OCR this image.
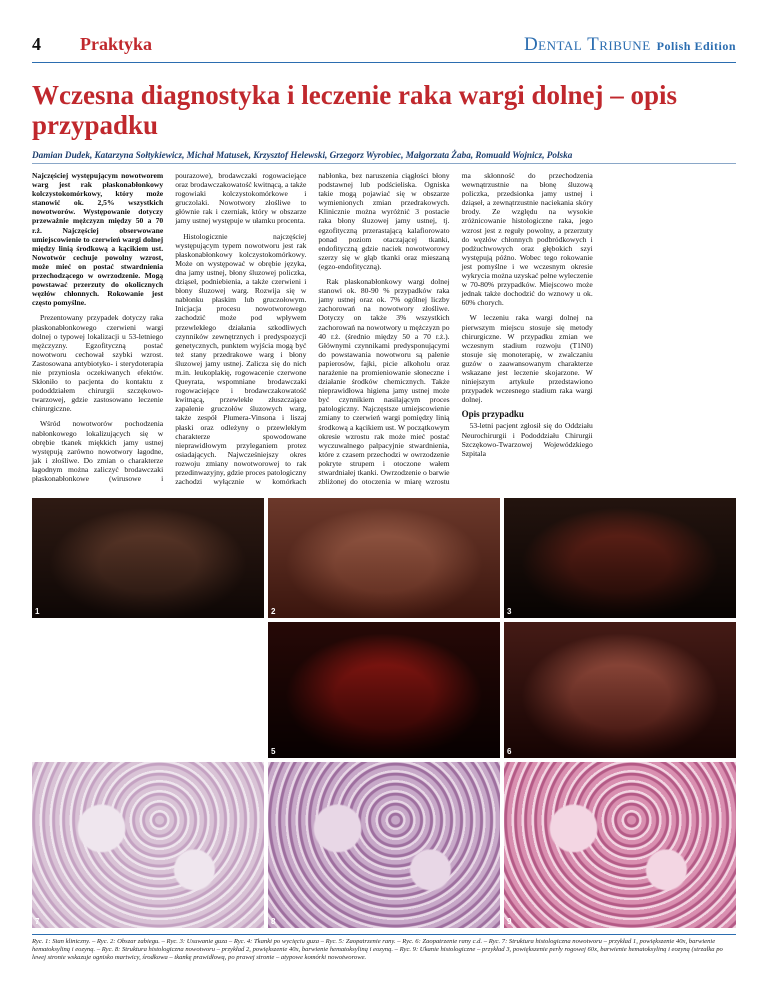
4 Praktyka	Dental Tribune Polish Edition
Wczesna diagnostyka i leczenie raka wargi dolnej – opis przypadku
Damian Dudek, Katarzyna Sołtykiewicz, Michał Matusek, Krzysztof Helewski, Grzegorz Wyrobiec, Małgorzata Żaba, Romuald Wojnicz, Polska

Najczęściej występującym nowotworem warg jest rak płaskonabłonkowy kolczystokomórkowy, który może stanowić ok. 2,5% wszystkich nowotworów. Występowanie dotyczy przeważnie mężczyzn między 50 a 70 r.ż. Najczęściej obserwowane umiejscowienie to czerwień wargi dolnej między linią środkową a kącikiem ust. Nowotwór cechuje powolny wzrost, może mieć on postać stwardnienia przechodzącego w owrzodzenie. Mogą powstawać przerzuty do okolicznych węzłów chłonnych. Rokowanie jest często pomyślne.

Prezentowany przypadek dotyczy raka płaskonabłonkowego czerwieni wargi dolnej o typowej lokalizacji u 53-letniego mężczyzny. Egzofityczną postać nowotworu cechował szybki wzrost. Zastosowana antybiotyko- i sterydoterapia nie przyniosła oczekiwanych efektów. Skłoniło to pacjenta do kontaktu z pododdziałem chirurgii szczękowo-twarzowej, gdzie zastosowano leczenie chirurgiczne.

Wśród nowotworów pochodzenia nabłonkowego lokalizujących się w obrębie tkanek miękkich jamy ustnej występują zarówno nowotwory łagodne, jak i złośliwe. Do zmian o charakterze łagodnym można zaliczyć brodawczaki płaskonabłonkowe (wirusowe i pourazowe), brodawczaki rogowaciejące oraz brodawczakowatość kwitnącą, a także rogowiaki kolczystokomórkowe i gruczolaki. Nowotwory złośliwe to głównie rak i czerniak, który w obszarze jamy ustnej występuje w ułamku procenta.

Histologicznie najczęściej występującym typem nowotworu jest rak płaskonabłonkowy kolczystokomórkowy. Może on występować w obrębie języka, dna jamy ustnej, błony śluzowej policzka, dziąseł, podniebienia, a także czerwieni i błony śluzowej warg. Rozwija się w nabłonku płaskim lub gruczołowym. Inicjacja procesu nowotworowego zachodzić może pod wpływem przewlekłego działania szkodliwych czynników zewnętrznych i predyspozycji genetycznych, punktem wyjścia mogą być też stany przedrakowe warg i błony śluzowej jamy ustnej. Zalicza się do nich m.in. leukoplakię, rogowacenie czerwone Queyrata, wspomniane brodawczaki rogowaciejące i brodawczakowatość kwitnącą, przewlekłe złuszczające zapalenie gruczołów śluzowych warg, także zespół Plumera-Vinsona i liszaj płaski oraz odleżyny o przewlekłym charakterze spowodowane nieprawidłowym przyleganiem protez osiadających. Najwcześniejszy okres rozwoju zmiany nowotworowej to rak przedinwazyjny, gdzie proces patologiczny zachodzi wyłącznie w komórkach nabłonka, bez naruszenia ciągłości błony podstawnej lub podścieliska. Ogniska takie mogą pojawiać się w obszarze wymienionych zmian przedrakowych. Klinicznie można wyróżnić 3 postacie raka błony śluzowej jamy ustnej, tj. egzofityczną przerastającą kalafiorowato ponad poziom otaczającej tkanki, endofityczną gdzie naciek nowotworowy szerzy się w głąb tkanki oraz mieszaną (egzo-endofityczną).

Rak płaskonabłonkowy wargi dolnej stanowi ok. 80-90 % przypadków raka jamy ustnej oraz ok. 7% ogólnej liczby zachorowań na nowotwory złośliwe. Dotyczy on także 3% wszystkich zachorowań na nowotwory u mężczyzn po 40 r.ż. (średnio między 50 a 70 r.ż.). Głównymi czynnikami predysponującymi do powstawania nowotworu są palenie papierosów, fajki, picie alkoholu oraz narażenie na promieniowanie słoneczne i działanie środków chemicznych. Także nieprawidłowa higiena jamy ustnej może być czynnikiem nasilającym proces patologiczny. Najczęstsze umiejscowienie zmiany to czerwień wargi pomiędzy linią środkową a kącikiem ust. W początkowym okresie wzrostu rak może mieć postać wyczuwalnego palpacyjnie stwardnienia, które z czasem przechodzi w owrzodzenie pokryte strupem i otoczone wałem stwardniałej tkanki. Owrzodzenie o barwie zbliżonej do otoczenia w miarę wzrostu ma skłonność do przechodzenia wewnątrzustnie na błonę śluzową policzka, przedsionka jamy ustnej i dziąseł, a zewnątrzustnie naciekania skóry brody. Ze względu na wysokie zróżnicowanie histologiczne raka, jego wzrost jest z reguły powolny, a przerzuty do węzłów chłonnych podbródkowych i podżuchwowych oraz głębokich szyi występują późno. Wobec tego rokowanie jest pomyślne i we wczesnym okresie wykrycia można uzyskać pełne wyleczenie w 70-80% przypadków. Miejscowo może jednak także dochodzić do wznowy u ok. 60% chorych.

W leczeniu raka wargi dolnej na pierwszym miejscu stosuje się metody chirurgiczne. W przypadku zmian we wczesnym stadium rozwoju (T1N0) stosuje się monoterapię, w zwalczaniu guzów o zaawansowanym charakterze wskazane jest leczenie skojarzone. W niniejszym artykule przedstawiono przypadek wczesnego stadium raka wargi dolnej.

Opis przypadku

53-letni pacjent zgłosił się do Oddziału Neurochirurgii i Pododdziału Chirurgii Szczękowo-Twarzowej Wojewódzkiego Szpitala

1	2	3
5	6
7	8	9
Ryc. 1: Stan kliniczny. – Ryc. 2: Obszar zabiegu. – Ryc. 3: Usuwanie guza – Ryc. 4: Tkanki po wycięciu guza – Ryc. 5: Zaopatrzenie rany. – Ryc. 6: Zaopatrzenie rany c.d. – Ryc. 7: Struktura histologiczna nowotworu – przykład 1, powiększenie 40x, barwienie hematoksyliną i eozyną. – Ryc. 8: Struktura histologiczna nowotworu – przykład 2, powiększenie 40x, barwienie hematoksyliną i eozyną. – Ryc. 9: Ukanie histologiczne – przykład 3, powiększenie perły rogowej 60x, barwienie hematoksyliną i eozyną (strzałka po lewej stronie wskazuje ognisko martwicy, środkowa – tkankę prawidłową, po prawej stronie – atypowe komórki nowotworowe.
